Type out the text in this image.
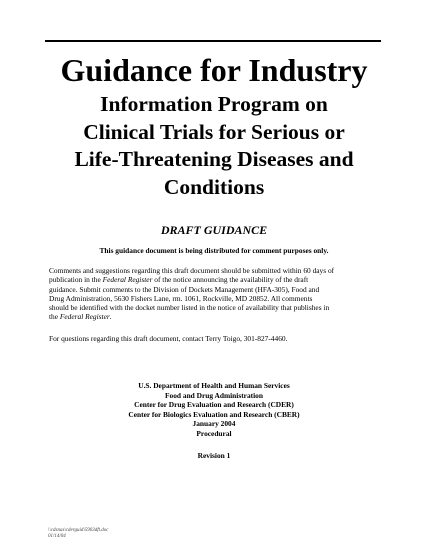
Guidance for Industry
Information Program on
Clinical Trials for Serious or
Life-Threatening Diseases and
Conditions
DRAFT GUIDANCE
This guidance document is being distributed for comment purposes only.
Comments and suggestions regarding this draft document should be submitted within 60 days of
publication in the Federal Register of the notice announcing the availability of the draft
guidance. Submit comments to the Division of Dockets Management (HFA-305), Food and
Drug Administration, 5630 Fishers Lane, rm. 1061, Rockville, MD 20852. All comments
should be identified with the docket number listed in the notice of availability that publishes in
the Federal Register.
For questions regarding this draft document, contact Terry Toigo, 301-827-4460.
U.S. Department of Health and Human Services
Food and Drug Administration
Center for Drug Evaluation and Research (CDER)
Center for Biologics Evaluation and Research (CBER)
January 2004
Procedural
Revision 1
\\cdsnas\cderguid\5903dft.doc
01/14/04
